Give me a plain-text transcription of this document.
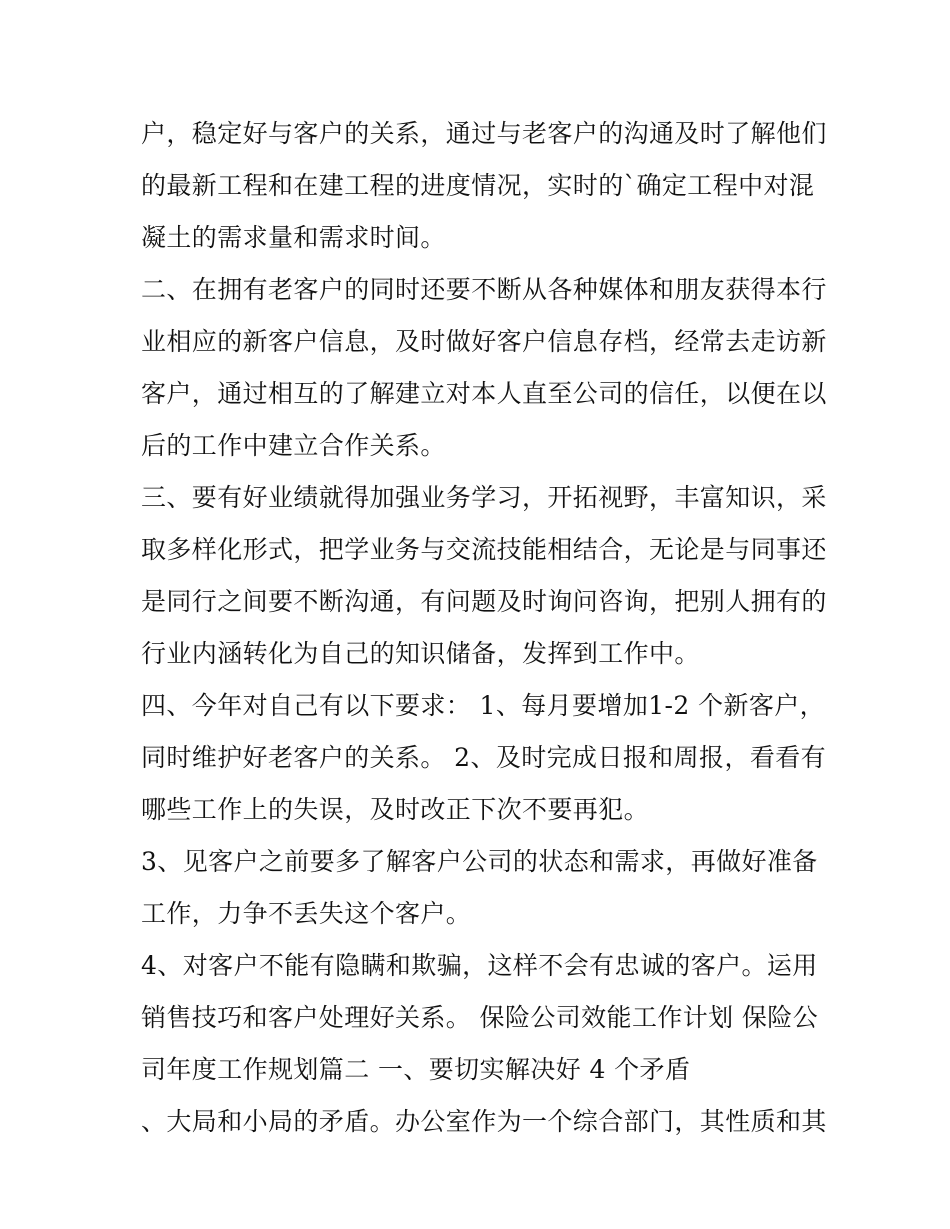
户，稳定好与客户的关系，通过与老客户的沟通及时了解他们
的最新工程和在建工程的进度情况，实时的`确定工程中对混
凝土的需求量和需求时间。
二、在拥有老客户的同时还要不断从各种媒体和朋友获得本行
业相应的新客户信息，及时做好客户信息存档，经常去走访新
客户，通过相互的了解建立对本人直至公司的信任，以便在以
后的工作中建立合作关系。
三、要有好业绩就得加强业务学习，开拓视野，丰富知识，采
取多样化形式，把学业务与交流技能相结合，无论是与同事还
是同行之间要不断沟通，有问题及时询问咨询，把别人拥有的
行业内涵转化为自己的知识储备，发挥到工作中。
四、今年对自己有以下要求： 1、每月要增加1-2 个新客户，
同时维护好老客户的关系。 2、及时完成日报和周报，看看有
哪些工作上的失误，及时改正下次不要再犯。
3、见客户之前要多了解客户公司的状态和需求，再做好准备
工作，力争不丢失这个客户。
4、对客户不能有隐瞒和欺骗，这样不会有忠诚的客户。运用
销售技巧和客户处理好关系。 保险公司效能工作计划 保险公
司年度工作规划篇二 一、要切实解决好 4 个矛盾
、大局和小局的矛盾。办公室作为一个综合部门，其性质和其
